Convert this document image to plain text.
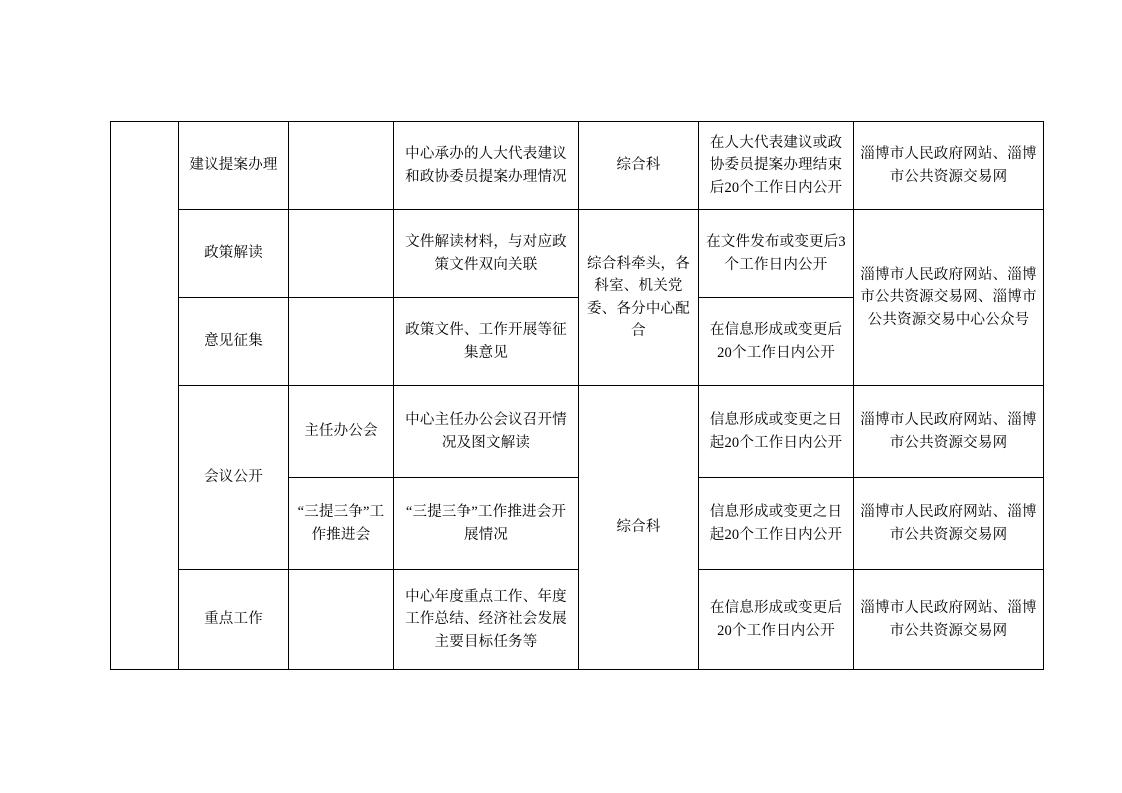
	建议提案办理		中心承办的人大代表建议和政协委员提案办理情况	综合科	在人大代表建议或政协委员提案办理结束后20个工作日内公开	淄博市人民政府网站、淄博市公共资源交易网

	政策解读		文件解读材料，与对应政策文件双向关联	综合科牵头，各科室、机关党委、各分中心配合	在文件发布或变更后3个工作日内公开	淄博市人民政府网站、淄博市公共资源交易网、淄博市公共资源交易中心公众号

	意见征集		政策文件、工作开展等征集意见		在信息形成或变更后20个工作日内公开	

	会议公开	主任办公会	中心主任办公会议召开情况及图文解读	综合科	信息形成或变更之日起20个工作日内公开	淄博市人民政府网站、淄博市公共资源交易网

		“三提三争”工作推进会	“三提三争”工作推进会开展情况		信息形成或变更之日起20个工作日内公开	淄博市人民政府网站、淄博市公共资源交易网

	重点工作		中心年度重点工作、年度工作总结、经济社会发展主要目标任务等		在信息形成或变更后20个工作日内公开	淄博市人民政府网站、淄博市公共资源交易网
